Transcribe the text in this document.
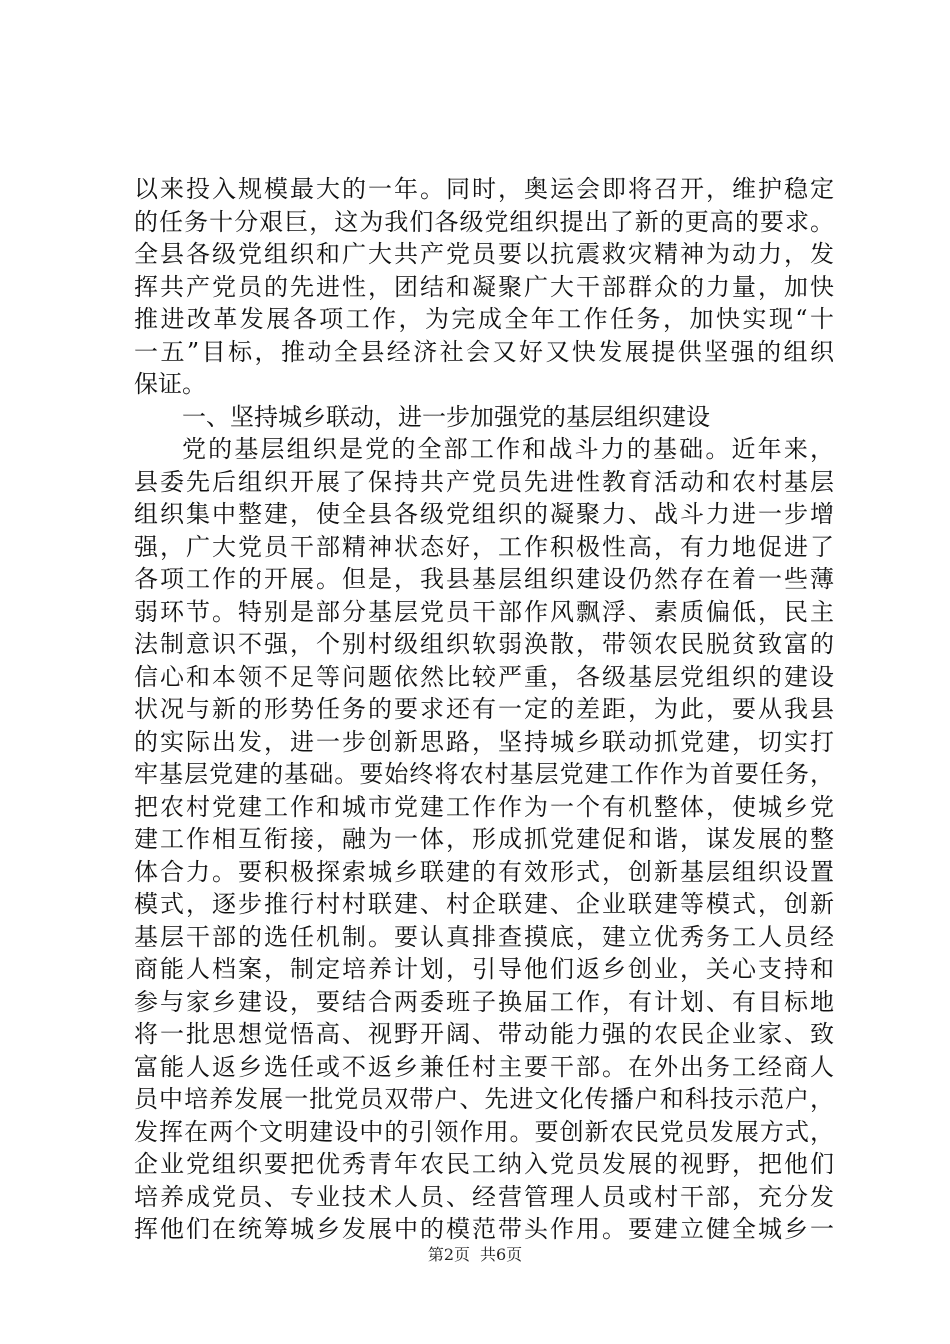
以来投入规模最大的一年。同时，奥运会即将召开，维护稳定
的任务十分艰巨，这为我们各级党组织提出了新的更高的要求。
全县各级党组织和广大共产党员要以抗震救灾精神为动力，发
挥共产党员的先进性，团结和凝聚广大干部群众的力量，加快
推进改革发展各项工作，为完成全年工作任务，加快实现“十
一五”目标，推动全县经济社会又好又快发展提供坚强的组织
保证。
一、坚持城乡联动，进一步加强党的基层组织建设
党的基层组织是党的全部工作和战斗力的基础。近年来，
县委先后组织开展了保持共产党员先进性教育活动和农村基层
组织集中整建，使全县各级党组织的凝聚力、战斗力进一步增
强，广大党员干部精神状态好，工作积极性高，有力地促进了
各项工作的开展。但是，我县基层组织建设仍然存在着一些薄
弱环节。特别是部分基层党员干部作风飘浮、素质偏低，民主
法制意识不强，个别村级组织软弱涣散，带领农民脱贫致富的
信心和本领不足等问题依然比较严重，各级基层党组织的建设
状况与新的形势任务的要求还有一定的差距，为此，要从我县
的实际出发，进一步创新思路，坚持城乡联动抓党建，切实打
牢基层党建的基础。要始终将农村基层党建工作作为首要任务，
把农村党建工作和城市党建工作作为一个有机整体，使城乡党
建工作相互衔接，融为一体，形成抓党建促和谐，谋发展的整
体合力。要积极探索城乡联建的有效形式，创新基层组织设置
模式，逐步推行村村联建、村企联建、企业联建等模式，创新
基层干部的选任机制。要认真排查摸底，建立优秀务工人员经
商能人档案，制定培养计划，引导他们返乡创业，关心支持和
参与家乡建设，要结合两委班子换届工作，有计划、有目标地
将一批思想觉悟高、视野开阔、带动能力强的农民企业家、致
富能人返乡选任或不返乡兼任村主要干部。在外出务工经商人
员中培养发展一批党员双带户、先进文化传播户和科技示范户，
发挥在两个文明建设中的引领作用。要创新农民党员发展方式，
企业党组织要把优秀青年农民工纳入党员发展的视野，把他们
培养成党员、专业技术人员、经营管理人员或村干部，充分发
挥他们在统筹城乡发展中的模范带头作用。要建立健全城乡一
第2页 共6页
